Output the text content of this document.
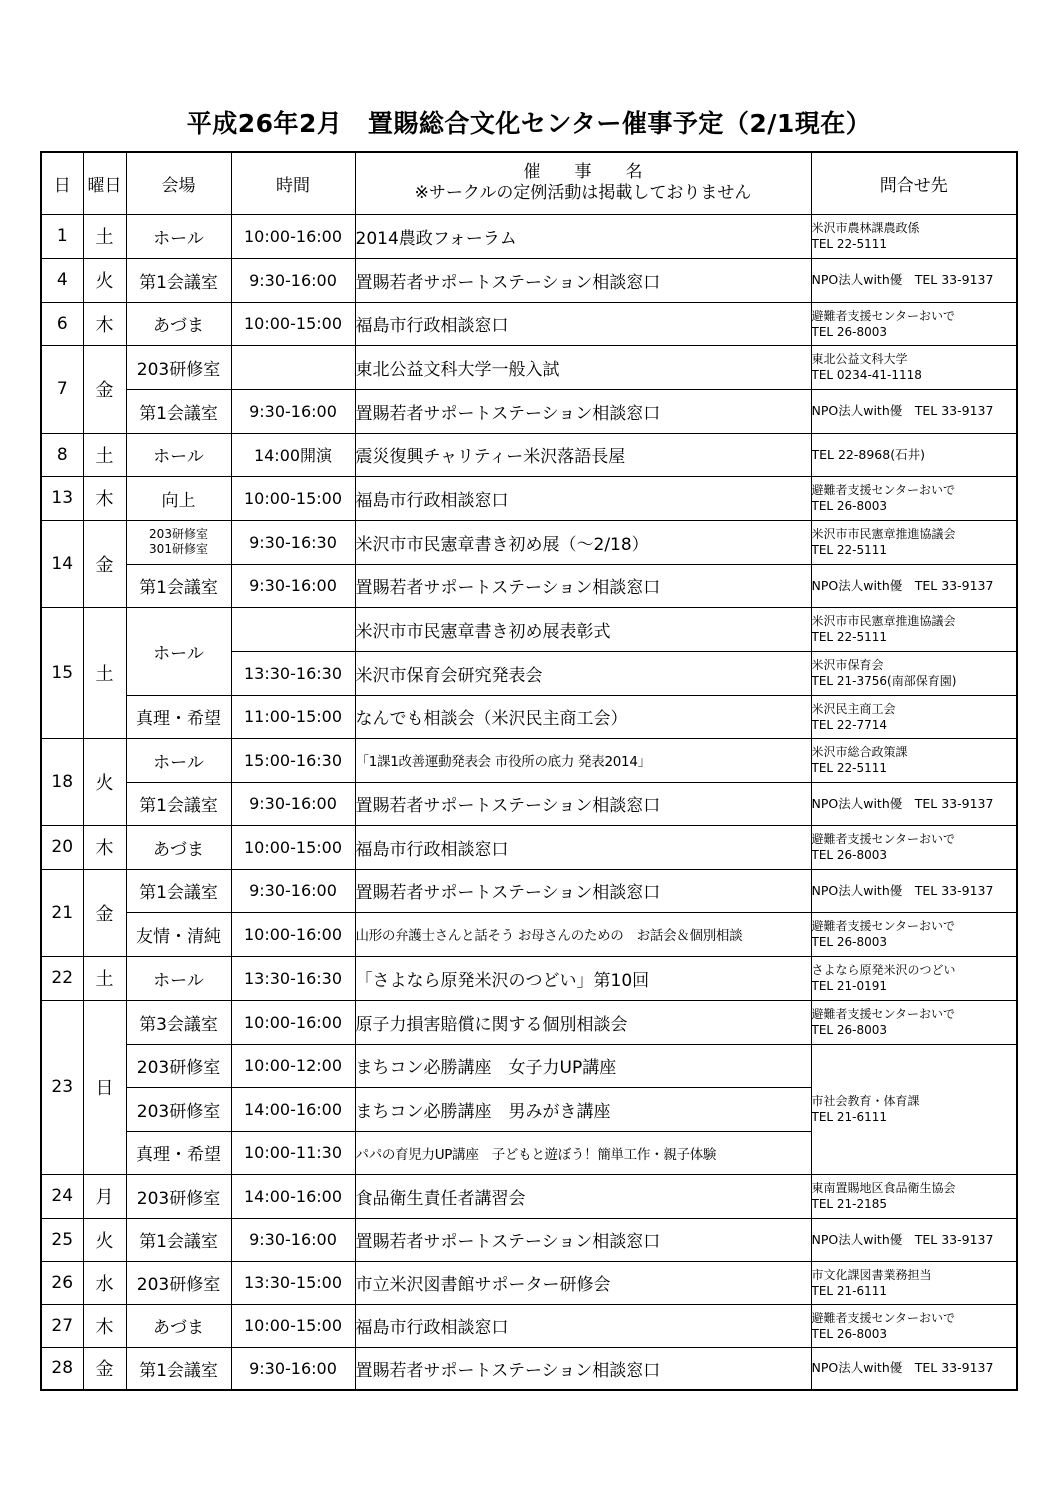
平成26年2月　置賜総合文化センター催事予定（2/1現在）
日	曜日	会場	時間	催　　事　　名
※サークルの定例活動は掲載しておりません	問合せ先
1	土	ホール	10:00-16:00	2014農政フォーラム	米沢市農林課農政係
TEL 22-5111

4	火	第1会議室	9:30-16:00	置賜若者サポートステーション相談窓口	NPO法人with優　TEL 33-9137
6	木	あづま	10:00-15:00	福島市行政相談窓口	避難者支援センターおいで
TEL 26-8003

7	金	203研修室		東北公益文科大学一般入試	東北公益文科大学
TEL 0234-41-1118

		第1会議室	9:30-16:00	置賜若者サポートステーション相談窓口	NPO法人with優　TEL 33-9137
8	土	ホール	14:00開演	震災復興チャリティー米沢落語長屋	TEL 22-8968(石井)
13	木	向上	10:00-15:00	福島市行政相談窓口	避難者支援センターおいで
TEL 26-8003

14	金	203研修室
301研修室	9:30-16:30	米沢市市民憲章書き初め展（～2/18）	米沢市市民憲章推進協議会
TEL 22-5111

		第1会議室	9:30-16:00	置賜若者サポートステーション相談窓口	NPO法人with優　TEL 33-9137
15	土	ホール		米沢市市民憲章書き初め展表彰式	米沢市市民憲章推進協議会
TEL 22-5111

			13:30-16:30	米沢市保育会研究発表会	米沢市保育会
TEL 21-3756(南部保育園)

		真理・希望	11:00-15:00	なんでも相談会（米沢民主商工会）	米沢民主商工会
TEL 22-7714

18	火	ホール	15:00-16:30	「1課1改善運動発表会 市役所の底力 発表2014」	米沢市総合政策課
TEL 22-5111

		第1会議室	9:30-16:00	置賜若者サポートステーション相談窓口	NPO法人with優　TEL 33-9137
20	木	あづま	10:00-15:00	福島市行政相談窓口	避難者支援センターおいで
TEL 26-8003

21	金	第1会議室	9:30-16:00	置賜若者サポートステーション相談窓口	NPO法人with優　TEL 33-9137
		友情・清純	10:00-16:00	山形の弁護士さんと話そう お母さんのための　お話会＆個別相談	避難者支援センターおいで
TEL 26-8003

22	土	ホール	13:30-16:30	「さよなら原発米沢のつどい」第10回	さよなら原発米沢のつどい
TEL 21-0191

23	日	第3会議室	10:00-16:00	原子力損害賠償に関する個別相談会	避難者支援センターおいで
TEL 26-8003

		203研修室	10:00-12:00	まちコン必勝講座　女子力UP講座	市社会教育・体育課
TEL 21-6111

		203研修室	14:00-16:00	まちコン必勝講座　男みがき講座	
		真理・希望	10:00-11:30	パパの育児力UP講座　子どもと遊ぼう！簡単工作・親子体験	
24	月	203研修室	14:00-16:00	食品衛生責任者講習会	東南置賜地区食品衛生協会
TEL 21-2185

25	火	第1会議室	9:30-16:00	置賜若者サポートステーション相談窓口	NPO法人with優　TEL 33-9137
26	水	203研修室	13:30-15:00	市立米沢図書館サポーター研修会	市文化課図書業務担当
TEL 21-6111

27	木	あづま	10:00-15:00	福島市行政相談窓口	避難者支援センターおいで
TEL 26-8003

28	金	第1会議室	9:30-16:00	置賜若者サポートステーション相談窓口	NPO法人with優　TEL 33-9137
